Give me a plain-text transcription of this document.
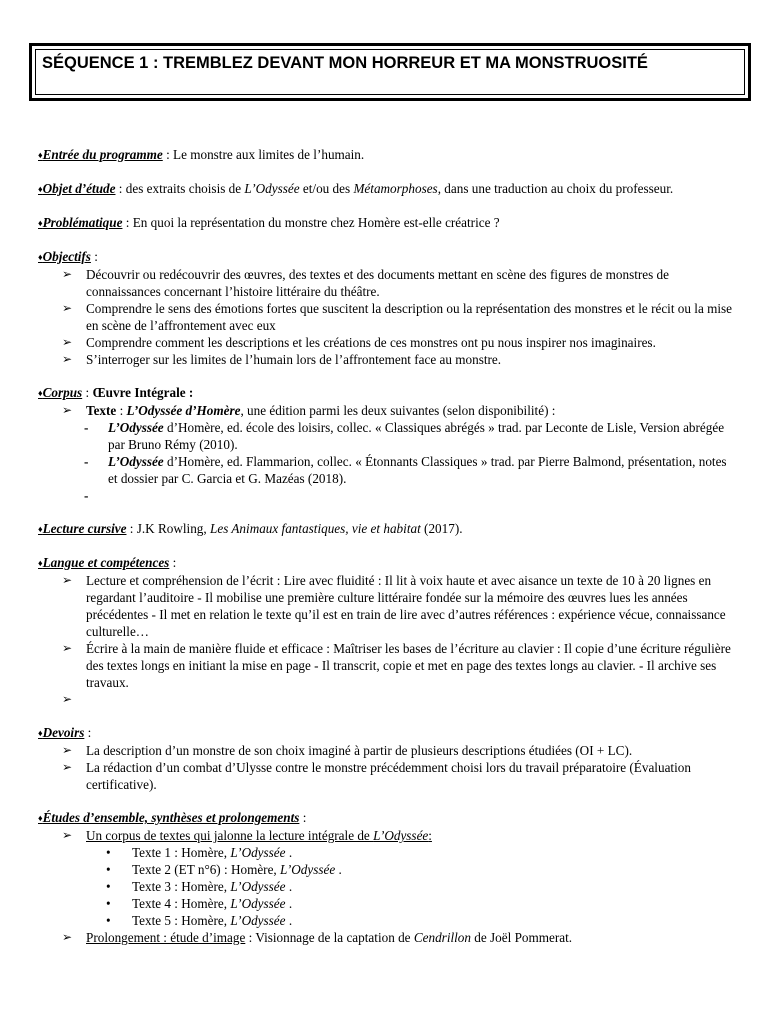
SÉQUENCE 1 : TREMBLEZ DEVANT MON HORREUR ET MA MONSTRUOSITÉ

♦Entrée du programme : Le monstre aux limites de l’humain.

♦Objet d’étude : des extraits choisis de L’Odyssée et/ou des Métamorphoses, dans une traduction au choix du professeur.

♦Problématique : En quoi la représentation du monstre chez Homère est-elle créatrice ?

♦Objectifs :

➢ Découvrir ou redécouvrir des œuvres, des textes et des documents mettant en scène des figures de monstres de connaissances concernant l’histoire littéraire du théâtre.
➢ Comprendre le sens des émotions fortes que suscitent la description ou la représentation des monstres et le récit ou la mise en scène de l’affrontement avec eux
➢ Comprendre comment les descriptions et les créations de ces monstres ont pu nous inspirer nos imaginaires.
➢ S’interroger sur les limites de l’humain lors de l’affrontement face au monstre.

♦Corpus : Œuvre Intégrale :

➢ Texte : L’Odyssée d’Homère, une édition parmi les deux suivantes (selon disponibilité) :
- L’Odyssée d’Homère, ed. école des loisirs, collec. « Classiques abrégés » trad. par Leconte de Lisle, Version abrégée par Bruno Rémy (2010).
- L’Odyssée d’Homère, ed. Flammarion, collec. « Étonnants Classiques » trad. par Pierre Balmond, présentation, notes et dossier par C. Garcia et G. Mazéas (2018).
-

♦Lecture cursive : J.K Rowling, Les Animaux fantastiques, vie et habitat (2017).

♦Langue et compétences :

➢ Lecture et compréhension de l’écrit : Lire avec fluidité : Il lit à voix haute et avec aisance un texte de 10 à 20 lignes en regardant l’auditoire - Il mobilise une première culture littéraire fondée sur la mémoire des œuvres lues les années précédentes - Il met en relation le texte qu’il est en train de lire avec d’autres références : expérience vécue, connaissance culturelle…
➢ Écrire à la main de manière fluide et efficace : Maîtriser les bases de l’écriture au clavier : Il copie d’une écriture régulière des textes longs en initiant la mise en page - Il transcrit, copie et met en page des textes longs au clavier. - Il archive ses travaux.
➢

♦Devoirs :

➢ La description d’un monstre de son choix imaginé à partir de plusieurs descriptions étudiées (OI + LC).
➢ La rédaction d’un combat d’Ulysse contre le monstre précédemment choisi lors du travail préparatoire (Évaluation certificative).

♦Études d’ensemble, synthèses et prolongements :

➢ Un corpus de textes qui jalonne la lecture intégrale de L’Odyssée:
• Texte 1 : Homère, L’Odyssée .
• Texte 2 (ET n°6) : Homère, L’Odyssée .
• Texte 3 : Homère, L’Odyssée .
• Texte 4 : Homère, L’Odyssée .
• Texte 5 : Homère, L’Odyssée .
➢ Prolongement : étude d’image : Visionnage de la captation de Cendrillon de Joël Pommerat.
